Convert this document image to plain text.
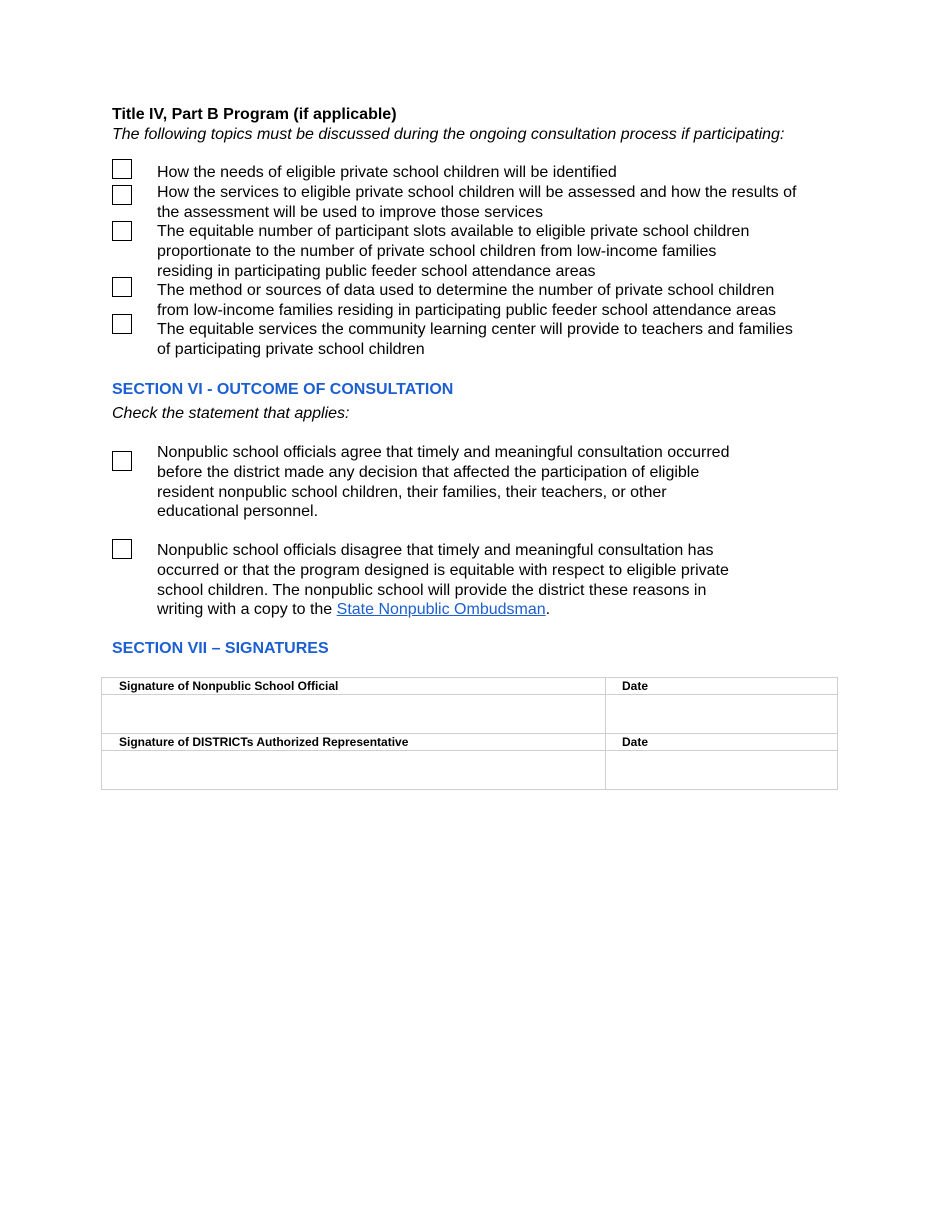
Title IV, Part B Program (if applicable)
The following topics must be discussed during the ongoing consultation process if participating:

How the needs of eligible private school children will be identified

How the services to eligible private school children will be assessed and how the results of
the assessment will be used to improve those services

The equitable number of participant slots available to eligible private school children
proportionate to the number of private school children from low-income families
residing in participating public feeder school attendance areas

The method or sources of data used to determine the number of private school children
from low-income families residing in participating public feeder school attendance areas

The equitable services the community learning center will provide to teachers and families
of participating private school children

SECTION VI - OUTCOME OF CONSULTATION
Check the statement that applies:

Nonpublic school officials agree that timely and meaningful consultation occurred
before the district made any decision that affected the participation of eligible
resident nonpublic school children, their families, their teachers, or other
educational personnel.

Nonpublic school officials disagree that timely and meaningful consultation has
occurred or that the program designed is equitable with respect to eligible private
school children. The nonpublic school will provide the district these reasons in
writing with a copy to the State Nonpublic Ombudsman.

SECTION VII – SIGNATURES
Signature of Nonpublic School Official	Date

Signature of DISTRICTs Authorized Representative	Date
